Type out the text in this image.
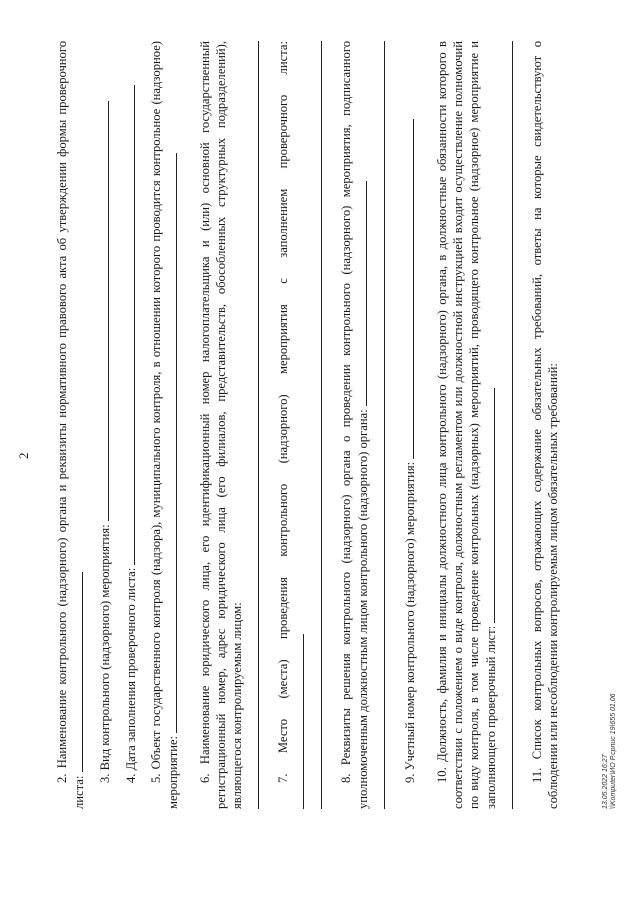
2 2. Наименование контрольного (надзорного) органа и реквизиты нормативного правового акта об утверждении формы проверочного листа:

3. Вид контрольного (надзорного) мероприятия: 4. Дата заполнения проверочного листа: 5. Объект государственного контроля (надзора), муниципального контроля, в отношении которого проводится контрольное (надзорное) мероприятие: 6. Наименование юридического лица, его идентификационный номер налогоплательщика и (или) основной государственный регистрационный номер, адрес юридического лица (его филиалов, представительств, обособленных структурных подразделений), являющегося контролируемым лицом:	7. Место (места) проведения контрольного (надзорного) мероприятия с заполнением проверочного листа:	8. Реквизиты решения контрольного (надзорного) органа о проведении контрольного (надзорного) мероприятия, подписанного уполномоченным должностным лицом контрольного (надзорного) органа:	9. Учетный номер контрольного (надзорного) мероприятия: 10. Должность, фамилия и инициалы должностного лица контрольного (надзорного) органа, в должностные обязанности которого в соответствии с положением о виде контроля, должностным регламентом или должностной инструкцией входит осуществление полномочий по виду контроля, в том числе проведение контрольных (надзорных) мероприятий, проводящего контрольное (надзорное) мероприятие и заполняющего проверочный лист:	11. Список контрольных вопросов, отражающих содержание обязательных требований, ответы на которые свидетельствуют о соблюдении или несоблюдении контролируемым лицом обязательных требований:	13.05.2022 16:27 \\Komputer\ИО Р.српис 19\655 01.06
